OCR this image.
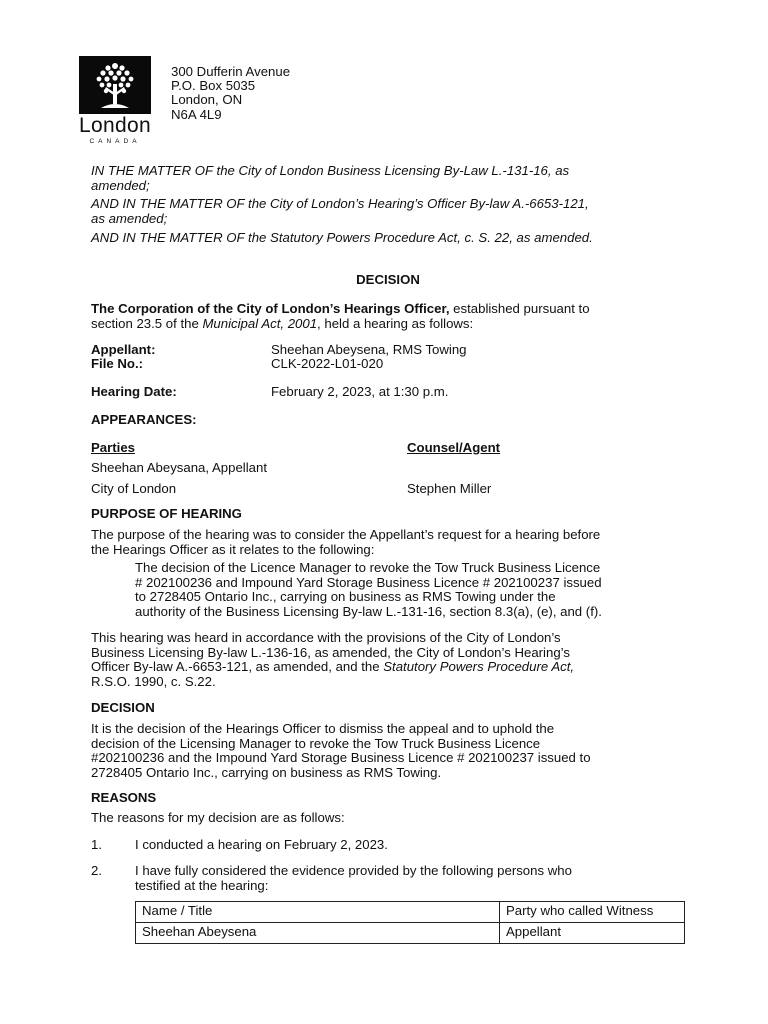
London
CANADA
300 Dufferin Avenue
P.O. Box 5035
London, ON
N6A 4L9
IN THE MATTER OF the City of London Business Licensing By-Law L.-131-16, as
amended;
AND IN THE MATTER OF the City of London’s Hearing’s Officer By-law A.-6653-121,
as amended;
AND IN THE MATTER OF the Statutory Powers Procedure Act, c. S. 22, as amended.
DECISION
The Corporation of the City of London’s Hearings Officer, established pursuant to
section 23.5 of the Municipal Act, 2001, held a hearing as follows:
Appellant:	Sheehan Abeysena, RMS Towing
File No.:	CLK-2022-L01-020
Hearing Date:	February 2, 2023, at 1:30 p.m.
APPEARANCES:
Parties	Counsel/Agent
Sheehan Abeysana, Appellant
City of London	Stephen Miller
PURPOSE OF HEARING
The purpose of the hearing was to consider the Appellant’s request for a hearing before
the Hearings Officer as it relates to the following:
The decision of the Licence Manager to revoke the Tow Truck Business Licence
# 202100236 and Impound Yard Storage Business Licence # 202100237 issued
to 2728405 Ontario Inc., carrying on business as RMS Towing under the
authority of the Business Licensing By-law L.-131-16, section 8.3(a), (e), and (f).
This hearing was heard in accordance with the provisions of the City of London’s
Business Licensing By-law L.-136-16, as amended, the City of London’s Hearing’s
Officer By-law A.-6653-121, as amended, and the Statutory Powers Procedure Act,
R.S.O. 1990, c. S.22.
DECISION
It is the decision of the Hearings Officer to dismiss the appeal and to uphold the
decision of the Licensing Manager to revoke the Tow Truck Business Licence
#202100236 and the Impound Yard Storage Business Licence # 202100237 issued to
2728405 Ontario Inc., carrying on business as RMS Towing.
REASONS
The reasons for my decision are as follows:
1.	I conducted a hearing on February 2, 2023.
2.	I have fully considered the evidence provided by the following persons who
testified at the hearing:
Name / Title	Party who called Witness
Sheehan Abeysena	Appellant
